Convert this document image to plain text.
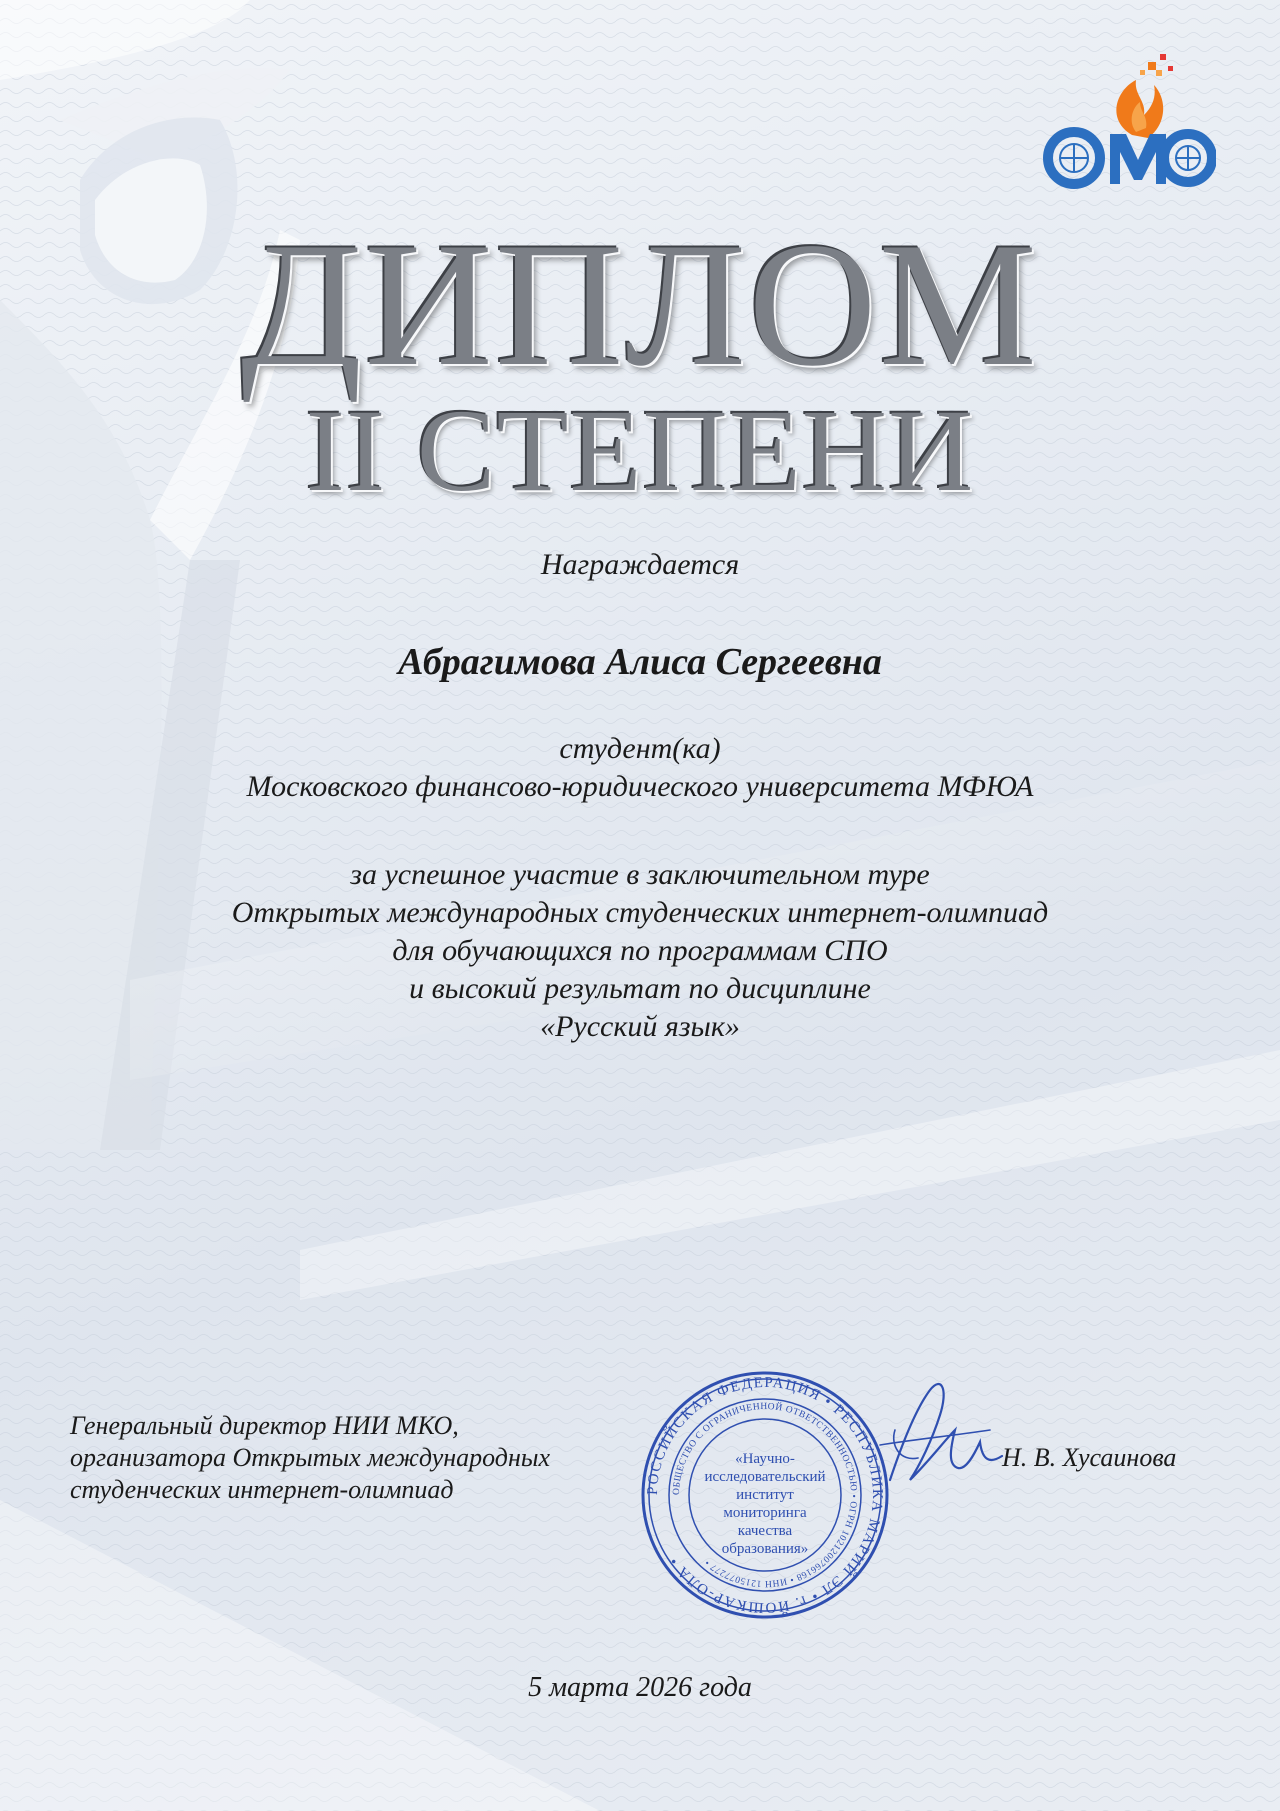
ДИПЛОМ
II СТЕПЕНИ
Награждается
Абрагимова Алиса Сергеевна
студент(ка)
Московского финансово-юридического университета МФЮА
за успешное участие в заключительном туре
Открытых международных студенческих интернет-олимпиад
для обучающихся по программам СПО
и высокий результат по дисциплине
«Русский язык»
Генеральный директор НИИ МКО,
организатора Открытых международных
студенческих интернет-олимпиад	РОССИЙСКАЯ ФЕДЕРАЦИЯ • РЕСПУБЛИКА МАРИЙ ЭЛ • г. ЙОШКАР-ОЛА •
ОБЩЕСТВО С ОГРАНИЧЕННОЙ ОТВЕТСТВЕННОСТЬЮ • ОГРН 1021200766168 • ИНН 1215077277 •
«Научно-
исследовательский
институт
мониторинга
качества
образования»
Н. В. Хусаинова
5 марта 2026 года
